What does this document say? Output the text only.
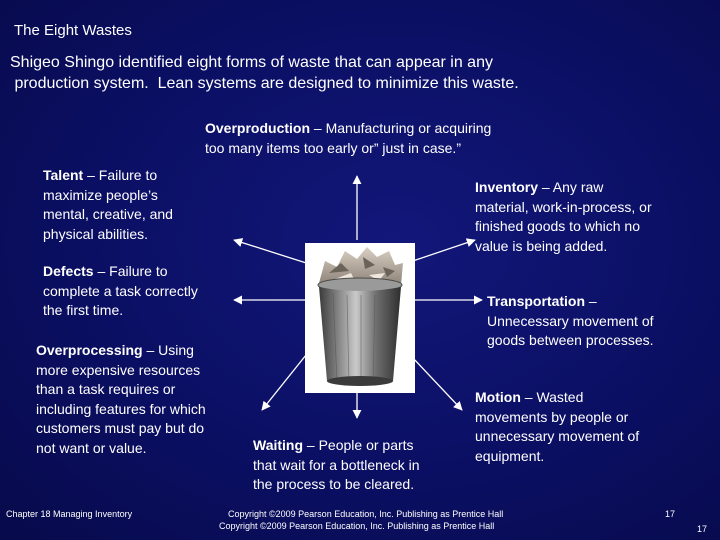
The Eight Wastes
Shigeo Shingo identified eight forms of waste that can appear in any
production system.  Lean systems are designed to minimize this waste.
Overproduction – Manufacturing or acquiring
too many items too early or” just in case.”
Talent – Failure to
maximize people’s
mental, creative, and
physical abilities.
Inventory – Any raw
material, work-in-process, or
finished goods to which no
value is being added.
Defects – Failure to
complete a task correctly
the first time.
Transportation –
Unnecessary movement of
goods between processes.
Overprocessing – Using
more expensive resources
than a task requires or
including features for which
customers must pay but do
not want or value.
Motion – Wasted
movements by people or
unnecessary movement of
equipment.
Waiting – People or parts
that wait for a bottleneck in
the process to be cleared.
Chapter 18 Managing Inventory	Copyright ©2009 Pearson Education, Inc. Publishing as Prentice Hall
Copyright ©2009 Pearson Education, Inc. Publishing as Prentice Hall
17
17
